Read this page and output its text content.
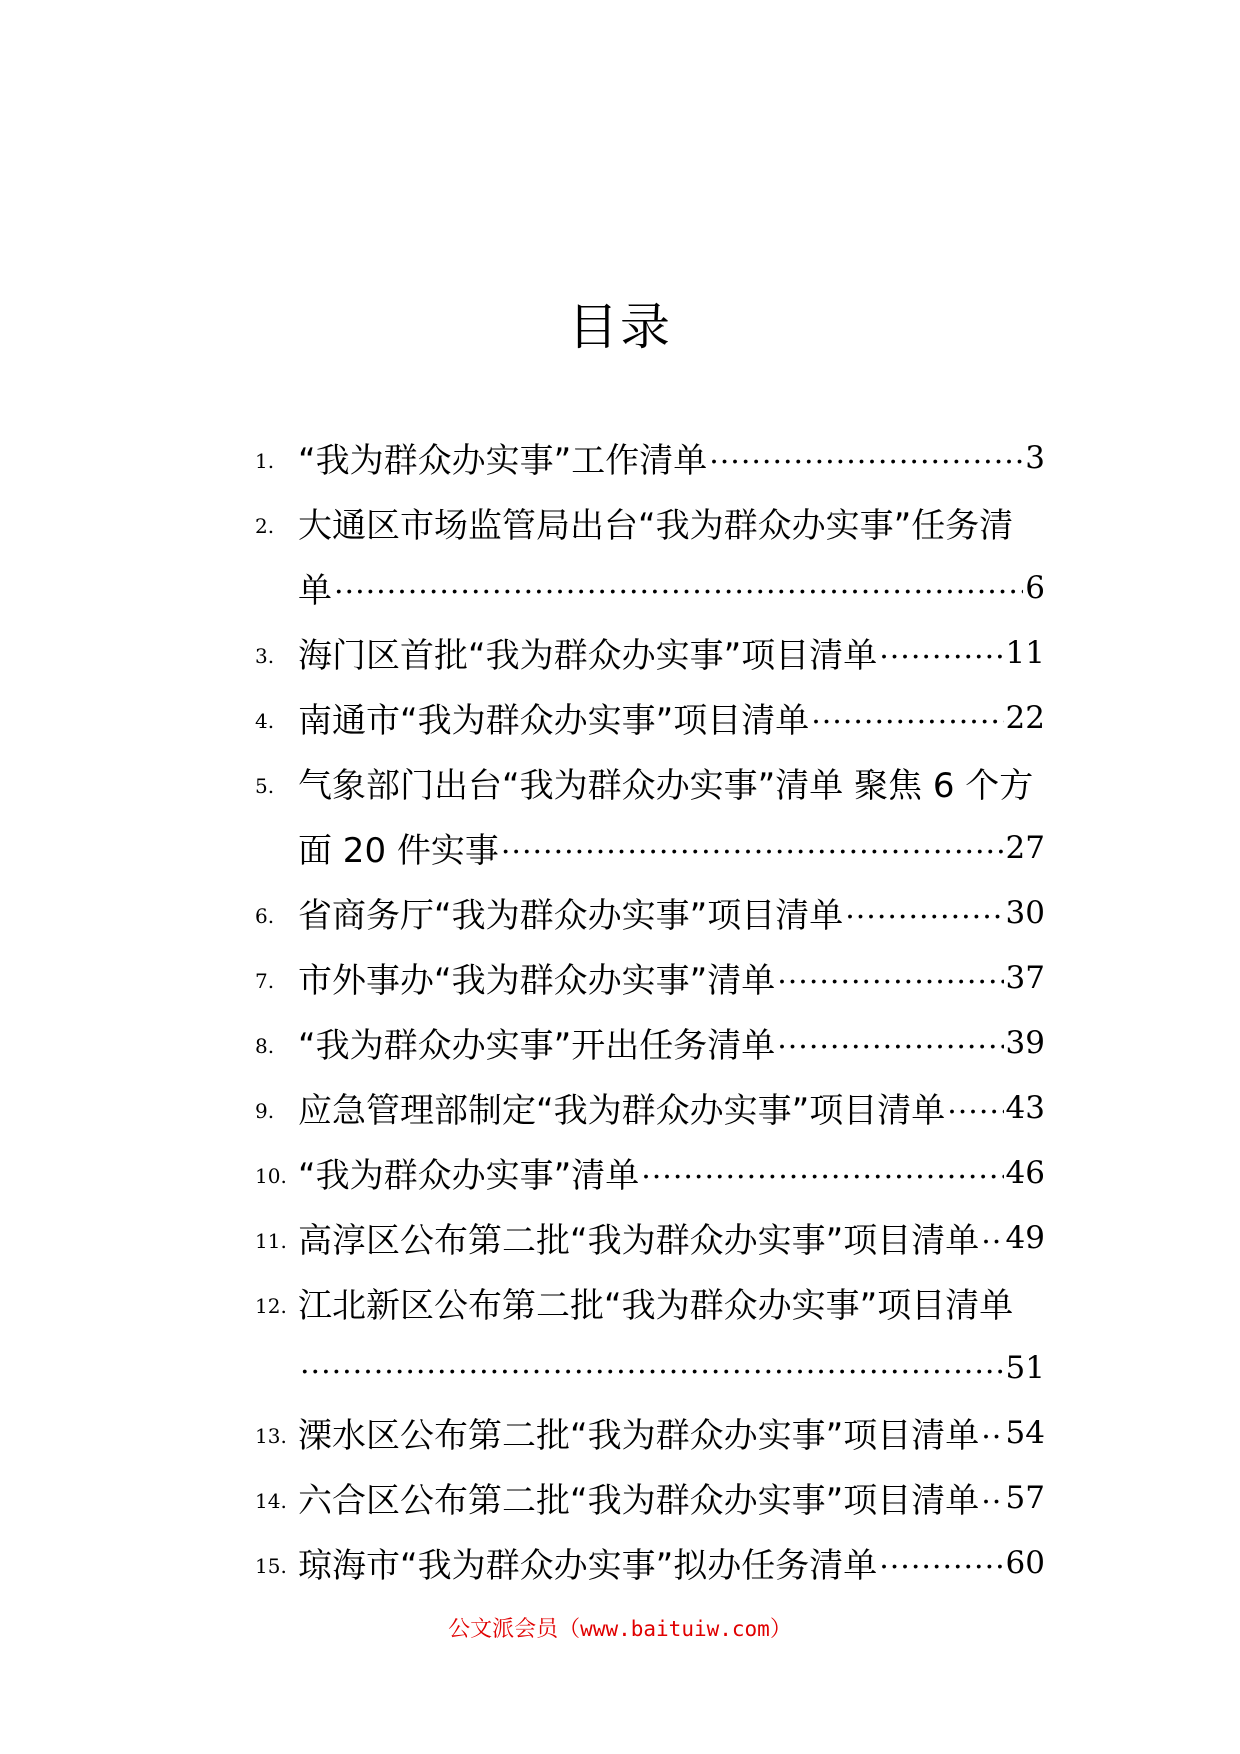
目录
1. “我为群众办实事”工作清单 .....	3
2. 大通区市场监管局出台“我为群众办实事”任务清
单 .....	6
3. 海门区首批“我为群众办实事”项目清单 .....	11
4. 南通市“我为群众办实事”项目清单 .....	22
5. 气象部门出台“我为群众办实事”清单 聚焦 6 个方
面 20 件实事 .....	27
6. 省商务厅“我为群众办实事”项目清单 .....	30
7. 市外事办“我为群众办实事”清单 .....	37
8. “我为群众办实事”开出任务清单 .....	39
9. 应急管理部制定“我为群众办实事”项目清单 ..... 43
10. “我为群众办实事”清单 .....	46
11. 高淳区公布第二批“我为群众办实事”项目清单 ..... 49
12. 江北新区公布第二批“我为群众办实事”项目清单
.....
51
13. 溧水区公布第二批“我为群众办实事”项目清单 ..... 54
14. 六合区公布第二批“我为群众办实事”项目清单 ..... 57
15. 琼海市“我为群众办实事”拟办任务清单 .....	60
公文派会员（www.baituiw.com）
